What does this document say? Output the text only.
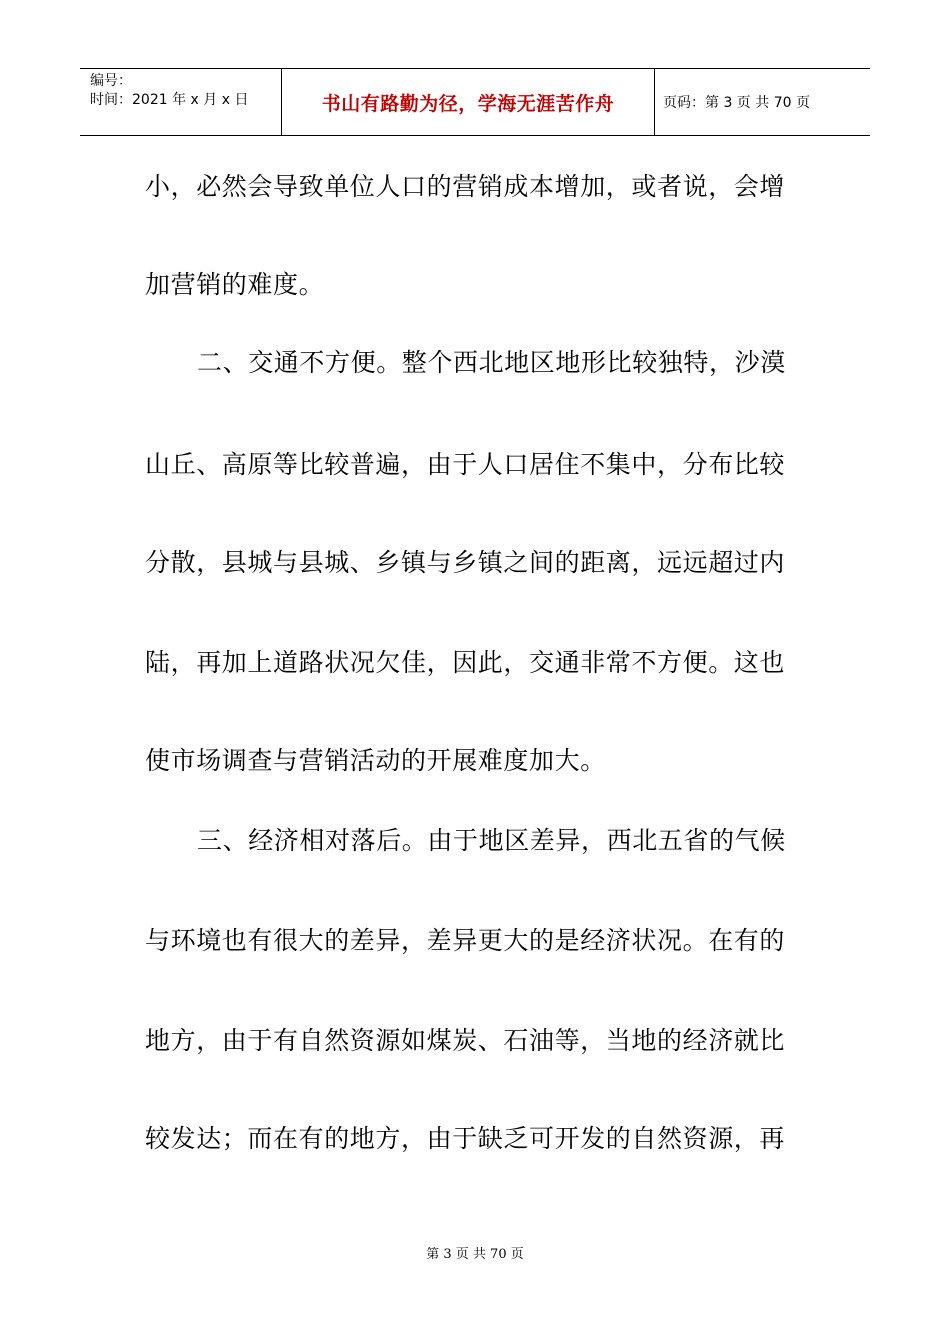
编号：
时间：2021 年 x 月 x 日	书山有路勤为径，学海无涯苦作舟	页码：第 3 页 共 70 页
小，必然会导致单位人口的营销成本增加，或者说，会增
加营销的难度。
二、交通不方便。整个西北地区地形比较独特，沙漠
山丘、高原等比较普遍，由于人口居住不集中，分布比较
分散，县城与县城、乡镇与乡镇之间的距离，远远超过内
陆，再加上道路状况欠佳，因此，交通非常不方便。这也
使市场调查与营销活动的开展难度加大。
三、经济相对落后。由于地区差异，西北五省的气候
与环境也有很大的差异，差异更大的是经济状况。在有的
地方，由于有自然资源如煤炭、石油等，当地的经济就比
较发达；而在有的地方，由于缺乏可开发的自然资源，再
第 3 页 共 70 页
